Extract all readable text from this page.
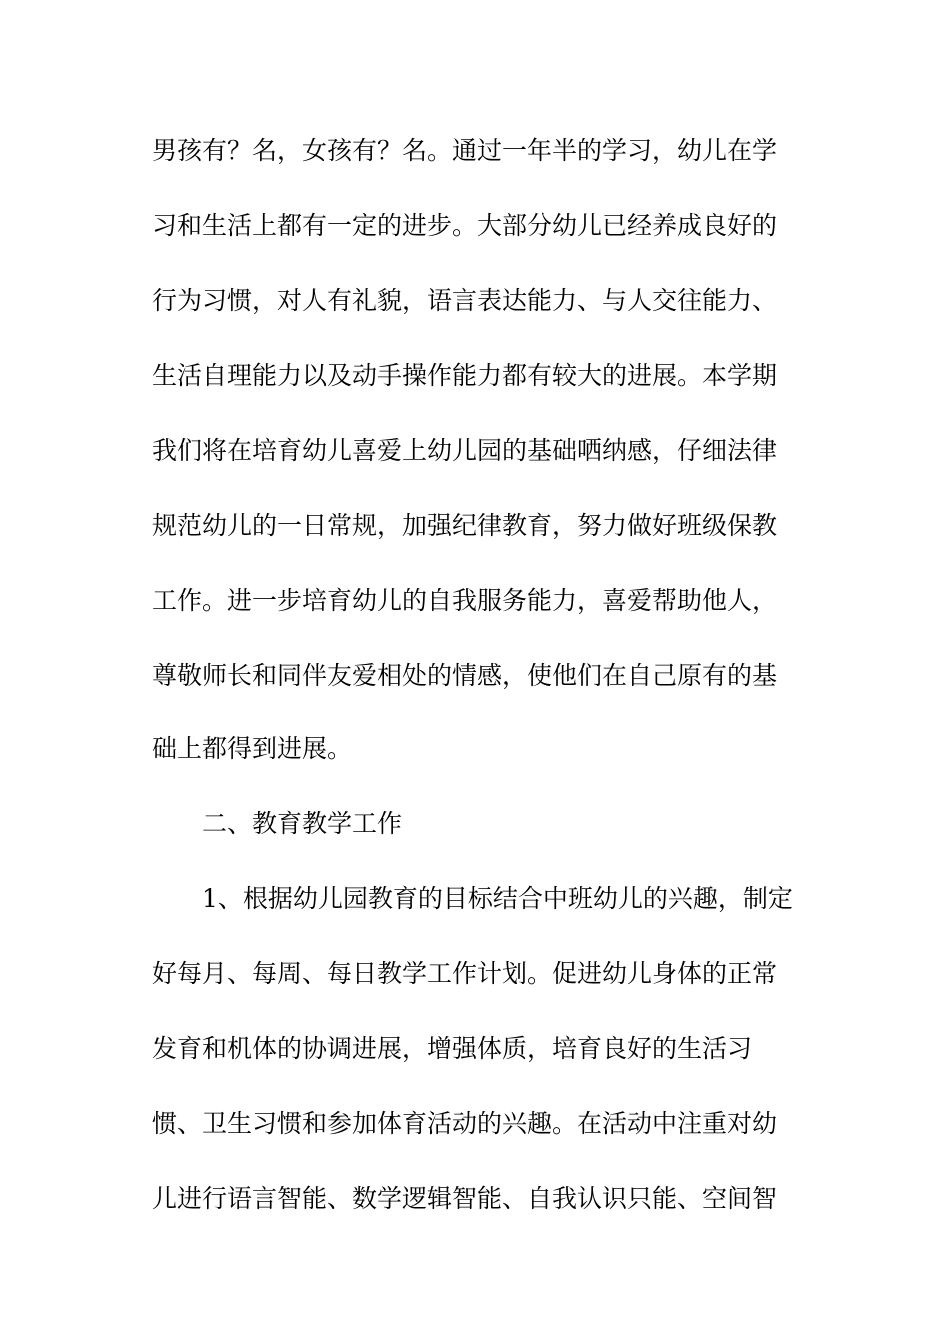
男孩有？名，女孩有？名。通过一年半的学习，幼儿在学

习和生活上都有一定的进步。大部分幼儿已经养成良好的

行为习惯，对人有礼貌，语言表达能力、与人交往能力、

生活自理能力以及动手操作能力都有较大的进展。本学期

我们将在培育幼儿喜爱上幼儿园的基础哂纳感，仔细法律

规范幼儿的一日常规，加强纪律教育，努力做好班级保教

工作。进一步培育幼儿的自我服务能力，喜爱帮助他人，

尊敬师长和同伴友爱相处的情感，使他们在自己原有的基

础上都得到进展。

二、教育教学工作

1、根据幼儿园教育的目标结合中班幼儿的兴趣，制定

好每月、每周、每日教学工作计划。促进幼儿身体的正常

发育和机体的协调进展，增强体质，培育良好的生活习

惯、卫生习惯和参加体育活动的兴趣。在活动中注重对幼

儿进行语言智能、数学逻辑智能、自我认识只能、空间智
